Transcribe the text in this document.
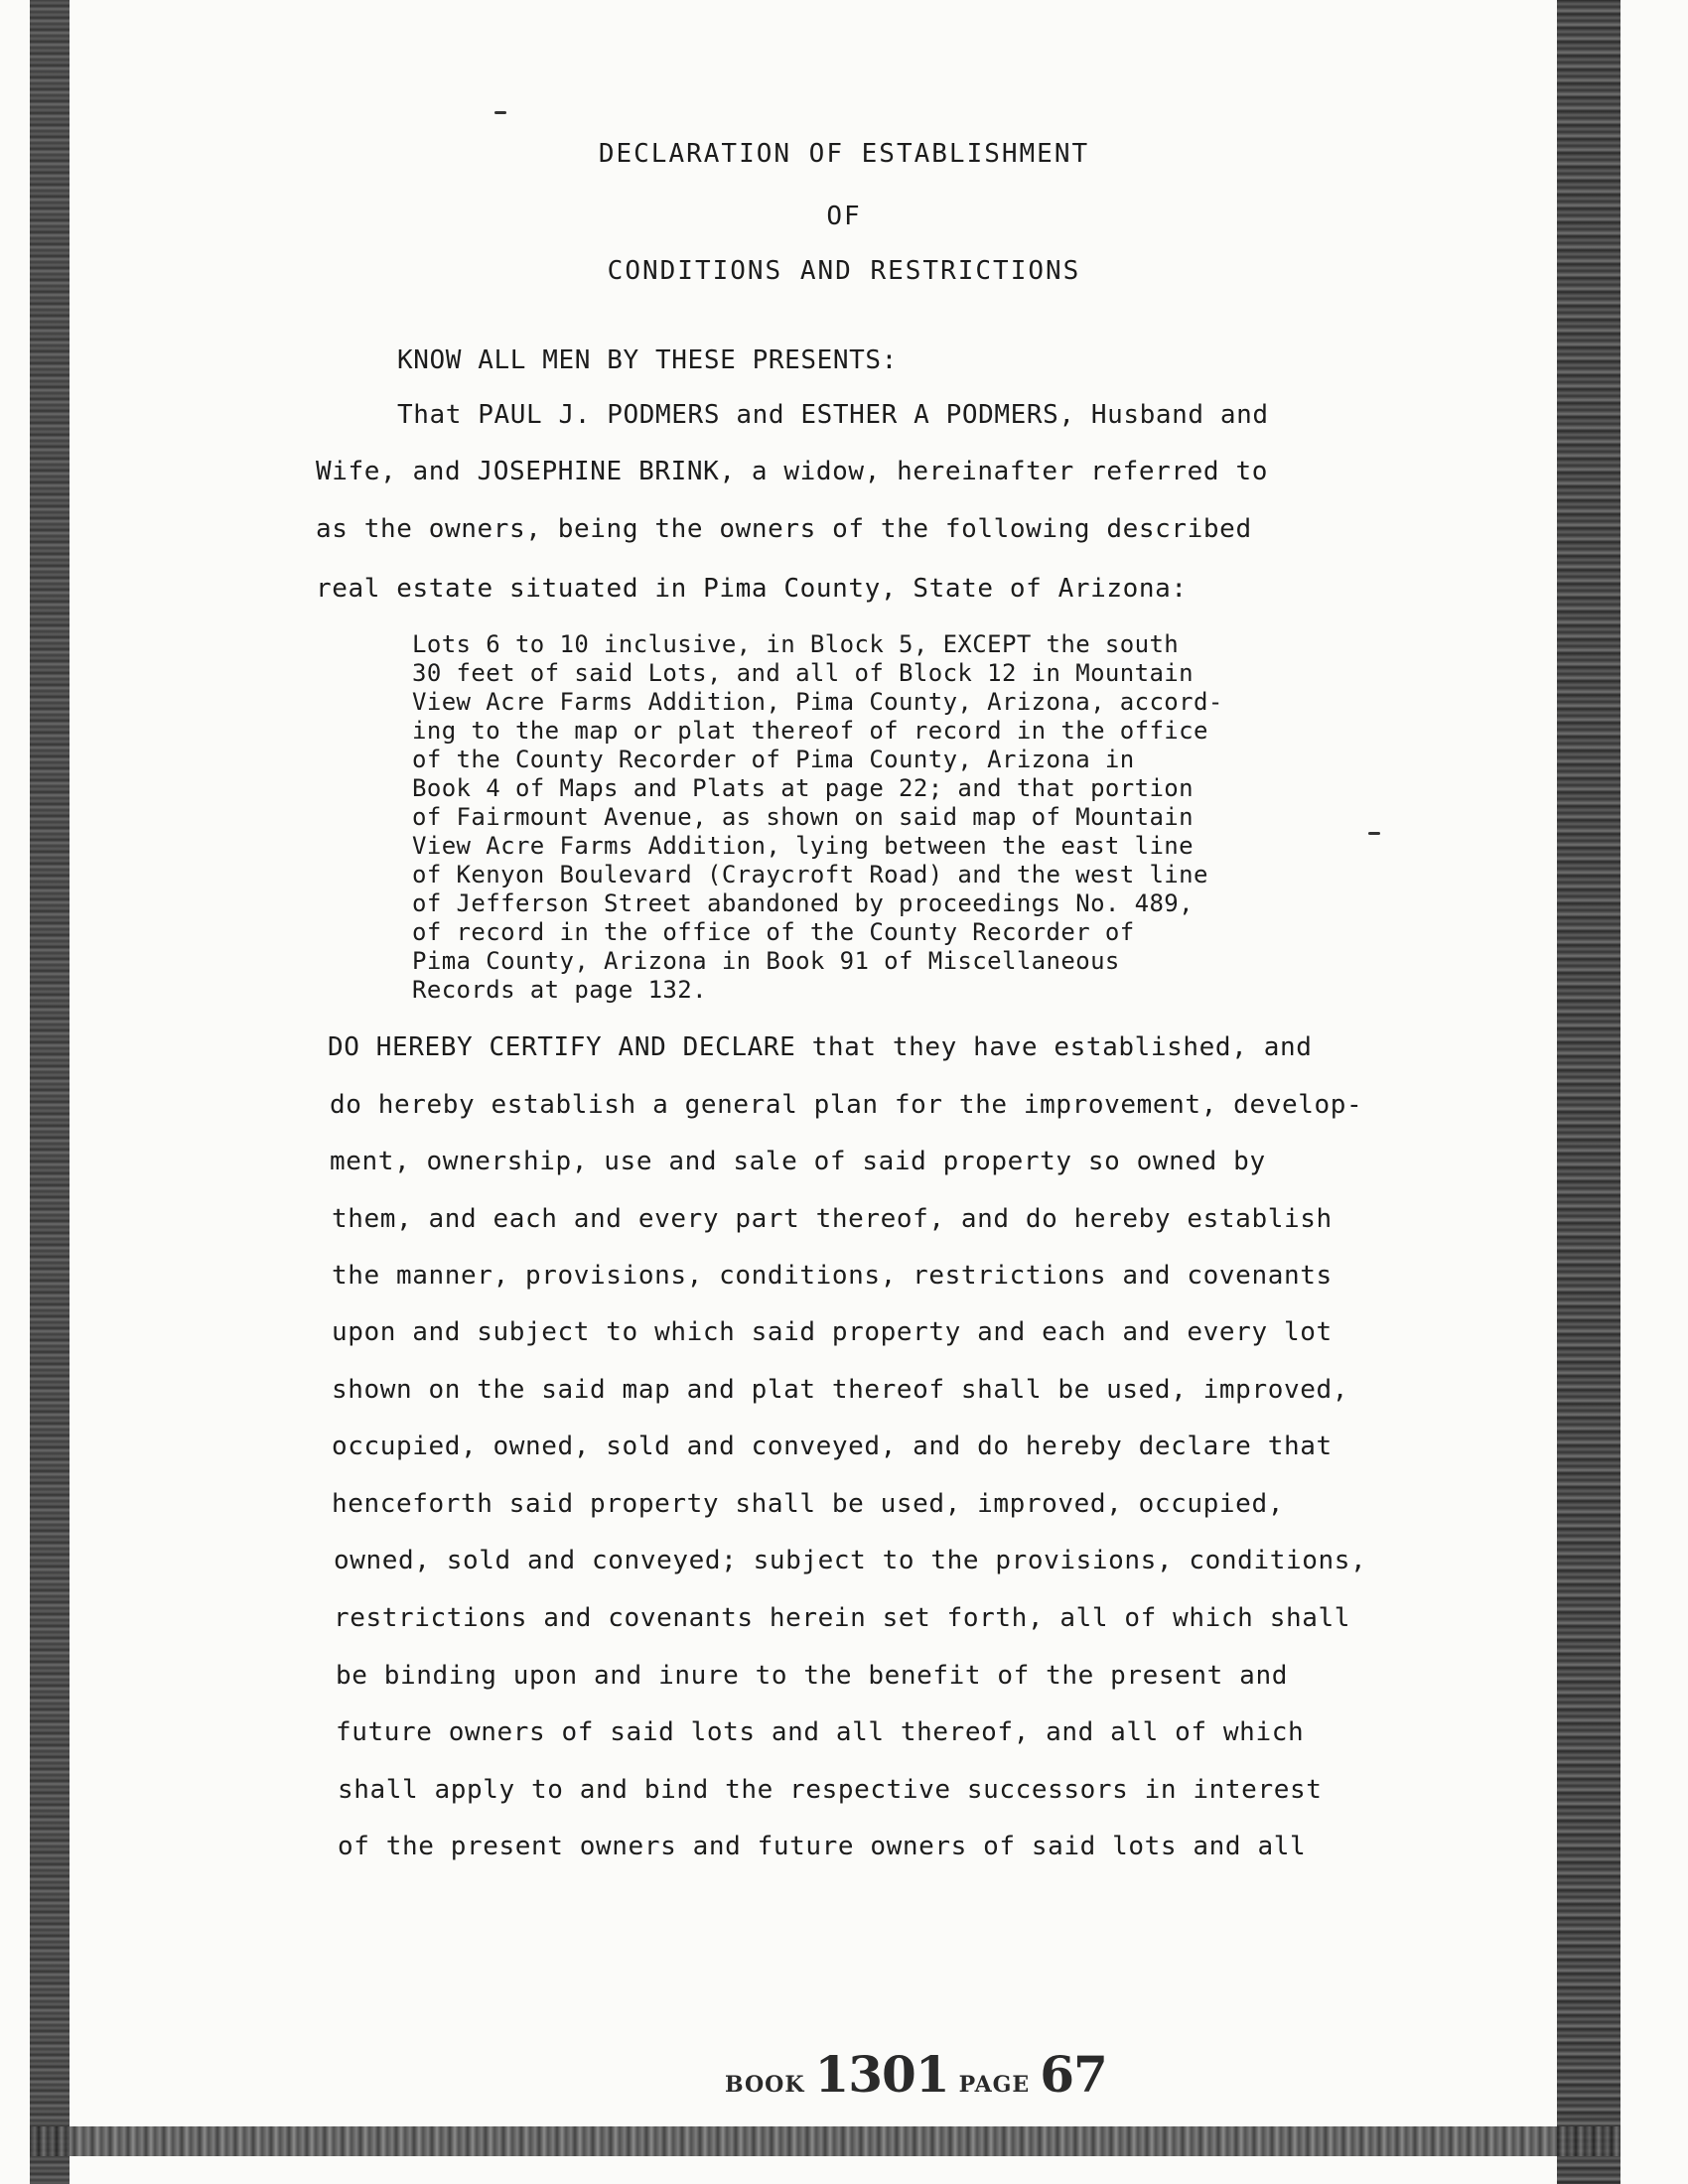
DECLARATION OF ESTABLISHMENT
OF
CONDITIONS AND RESTRICTIONS
KNOW ALL MEN BY THESE PRESENTS:
That PAUL J. PODMERS and ESTHER A PODMERS, Husband and
Wife, and JOSEPHINE BRINK, a widow, hereinafter referred to
as the owners, being the owners of the following described
real estate situated in Pima County, State of Arizona:
Lots 6 to 10 inclusive, in Block 5, EXCEPT the south
30 feet of said Lots, and all of Block 12 in Mountain
View Acre Farms Addition, Pima County, Arizona, accord-
ing to the map or plat thereof of record in the office
of the County Recorder of Pima County, Arizona in
Book 4 of Maps and Plats at page 22; and that portion
of Fairmount Avenue, as shown on said map of Mountain
View Acre Farms Addition, lying between the east line
of Kenyon Boulevard (Craycroft Road) and the west line
of Jefferson Street abandoned by proceedings No. 489,
of record in the office of the County Recorder of
Pima County, Arizona in Book 91 of Miscellaneous
Records at page 132.
DO HEREBY CERTIFY AND DECLARE that they have established, and
do hereby establish a general plan for the improvement, develop-
ment, ownership, use and sale of said property so owned by
them, and each and every part thereof, and do hereby establish
the manner, provisions, conditions, restrictions and covenants
upon and subject to which said property and each and every lot
shown on the said map and plat thereof shall be used, improved,
occupied, owned, sold and conveyed, and do hereby declare that
henceforth said property shall be used, improved, occupied,
owned, sold and conveyed; subject to the provisions, conditions,
restrictions and covenants herein set forth, all of which shall
be binding upon and inure to the benefit of the present and
future owners of said lots and all thereof, and all of which
shall apply to and bind the respective successors in interest
of the present owners and future owners of said lots and all
BOOK 1301 PAGE 67
